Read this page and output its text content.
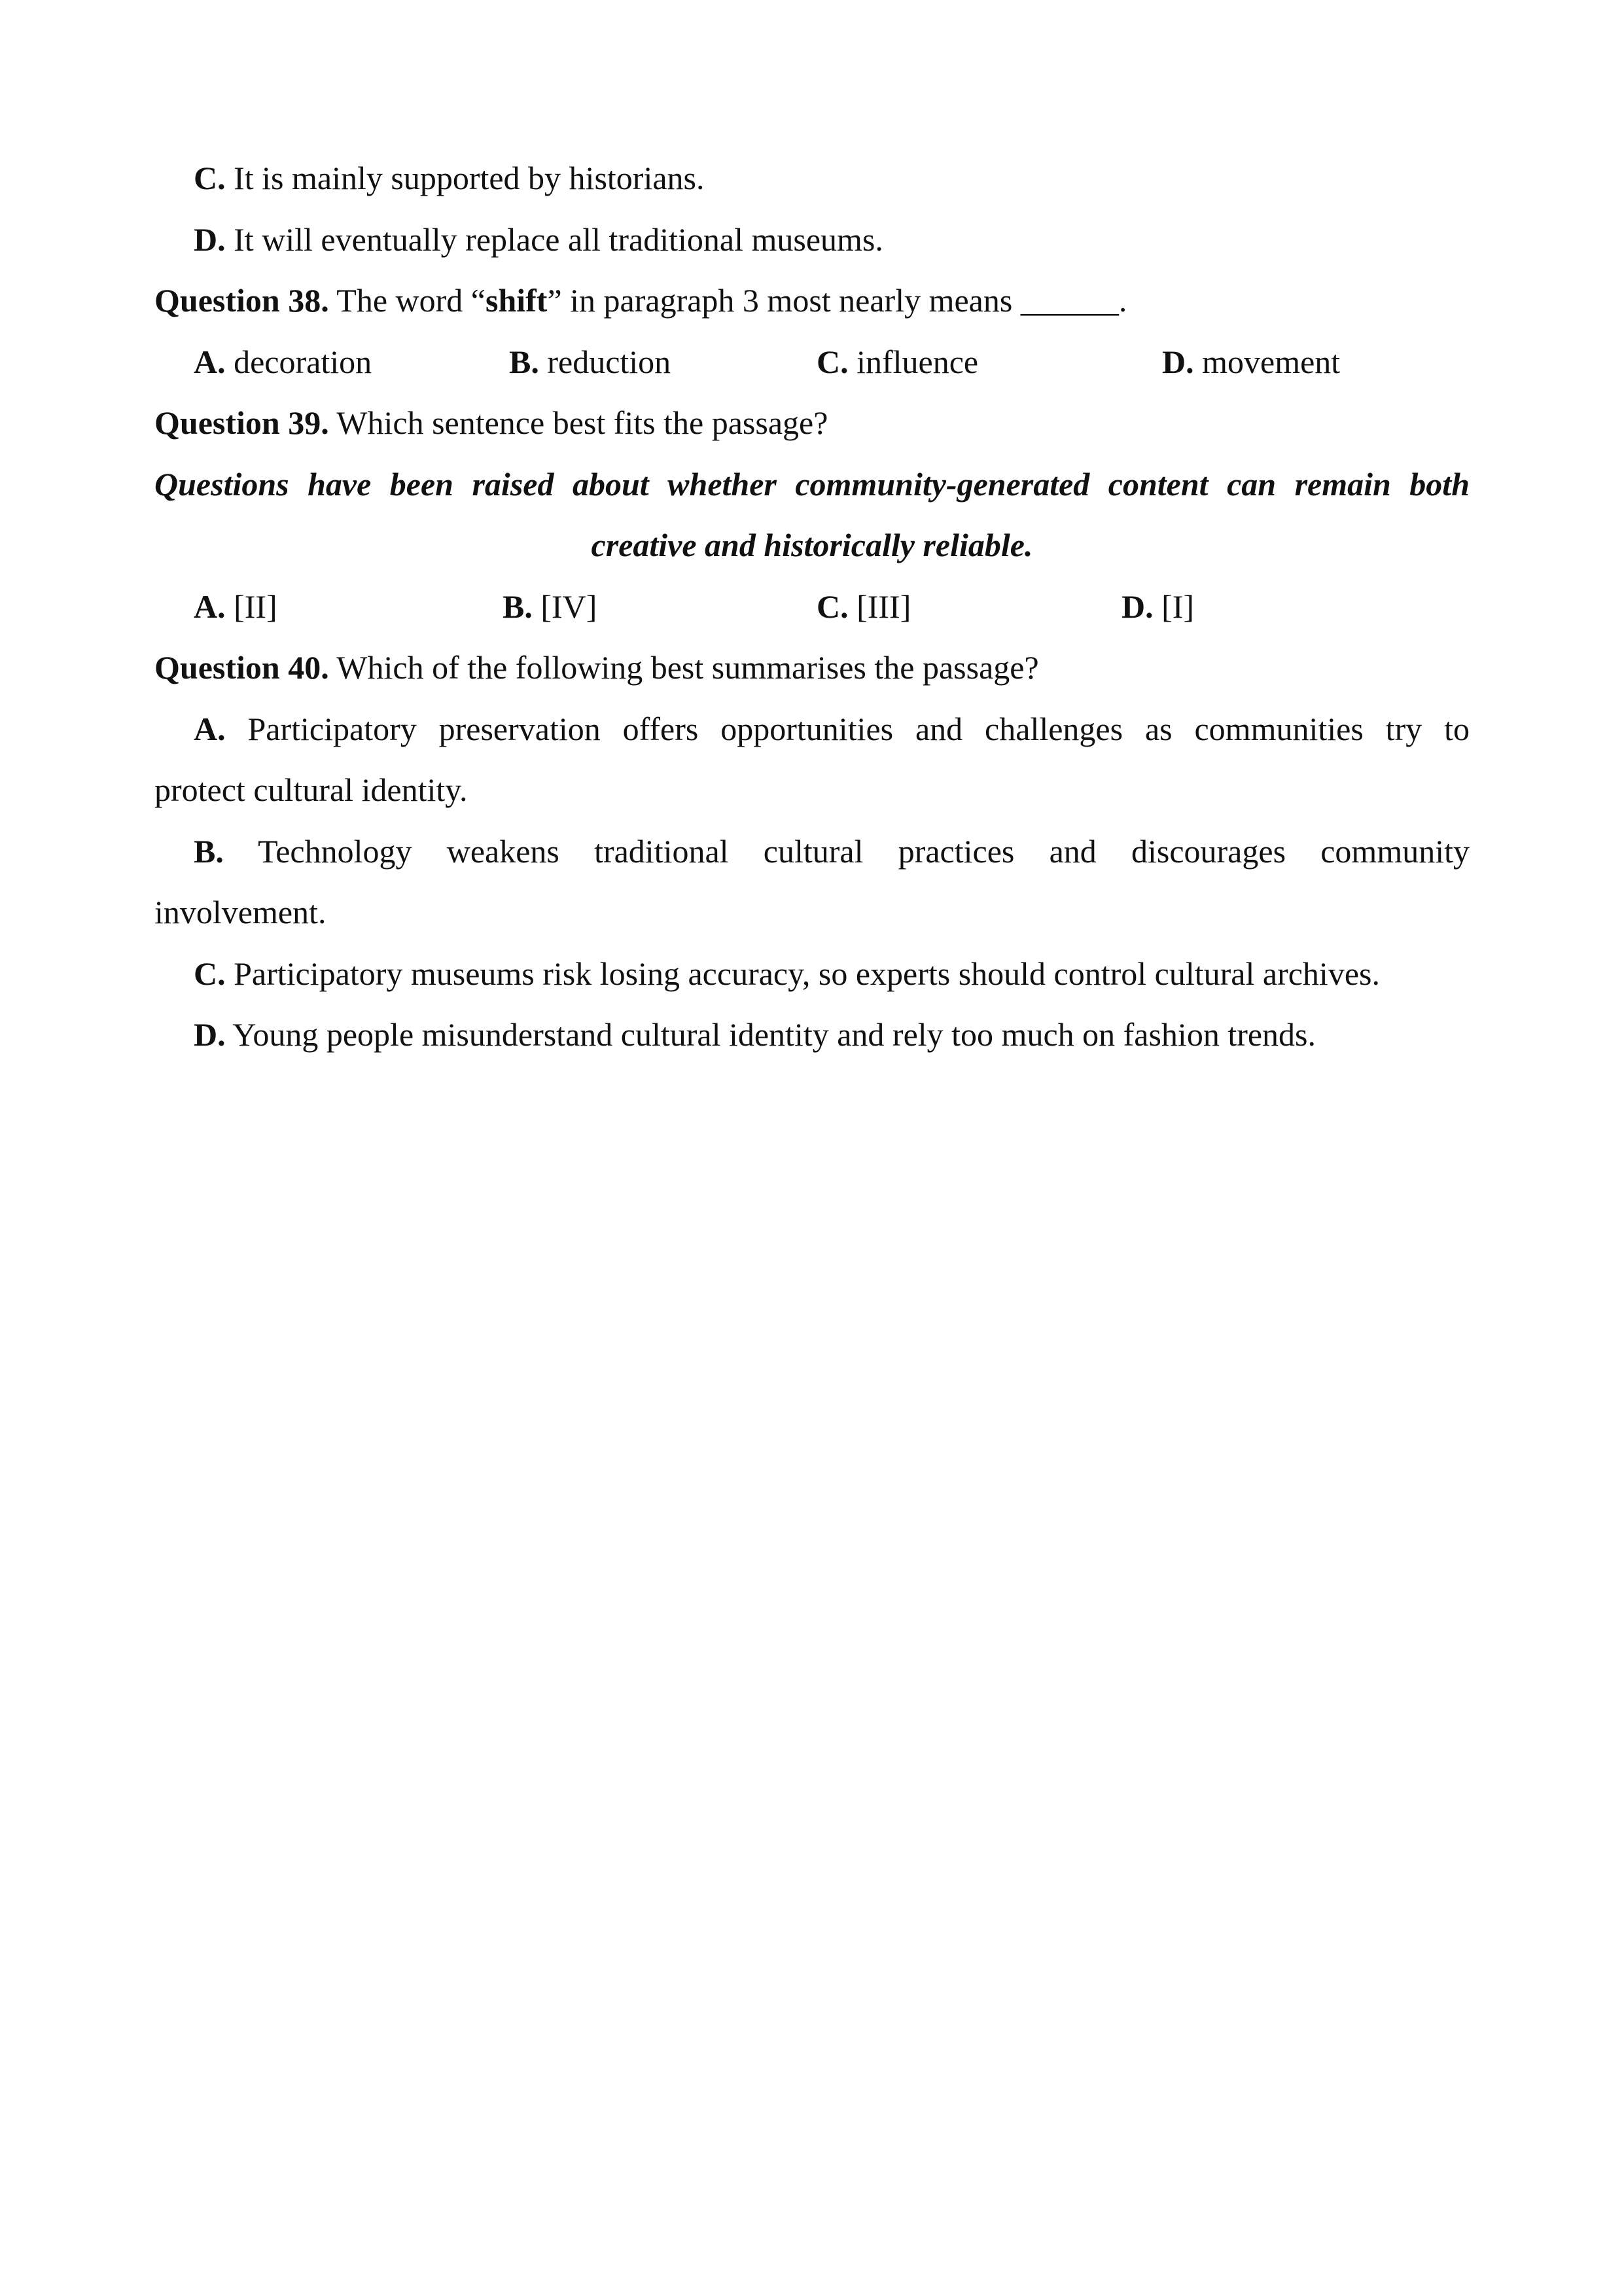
C. It is mainly supported by historians.
D. It will eventually replace all traditional museums.
Question 38. The word “shift” in paragraph 3 most nearly means ______.
A. decoration	B. reduction	C. influence	D. movement
Question 39. Which sentence best fits the passage?
Questions have been raised about whether community-generated content can remain both
creative and historically reliable.
A. [II]	B. [IV]	C. [III]	D. [I]
Question 40. Which of the following best summarises the passage?
A. Participatory preservation offers opportunities and challenges as communities try to
protect cultural identity.
B. Technology weakens traditional cultural practices and discourages community
involvement.
C. Participatory museums risk losing accuracy, so experts should control cultural archives.
D. Young people misunderstand cultural identity and rely too much on fashion trends.
